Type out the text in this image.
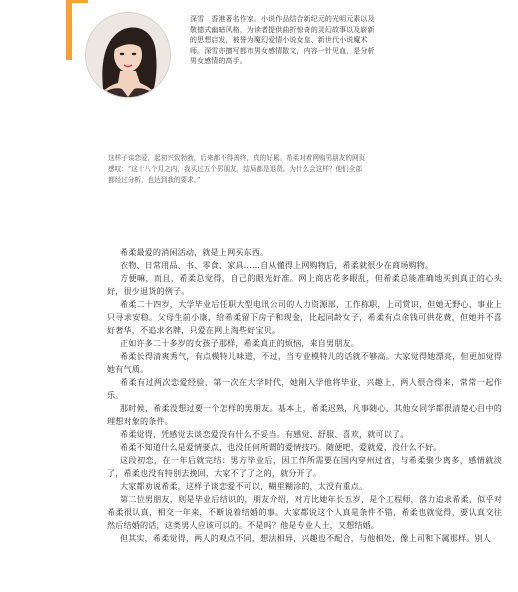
深雪　香港著名作家。小说作品结合新纪元的光明元素以及敬德式幽暗风格，为读者提供曲折惊奇的灵幻故事以及崭新的思想启发，被誉为魔幻爱情小说女皇、新世代小说魔术师。深雪亦擅写都市男女感情散文，内容一针见血，是分析男女感情的高手。
这样子谈恋爱，起初兴致勃勃，后来都不得善终，真的好累。希柔对着网购男朋友的网页感叹：“这十八个月之内，我买过五个男朋友，结局都是退货。为什么会这样？他们全部都经过分析，也达到我的要求。”

希柔最爱的消闲活动，就是上网买东西。

衣物、日常用品、书、零食、家具……自从懂得上网购物后，希柔就很少在商场购物。

方便嘛，而且，希柔总觉得，自己的眼光好准。网上商店花多眼乱，但希柔总能准确地买到真正的心头好，很少退货的例子。

希柔二十四岁，大学毕业后任职大型电讯公司的人力资源部，工作称职，上司赏识，但她无野心，事业上只寻求安稳。父母生前小康，给希柔留下房子和现金，比起同龄女子，希柔有点余钱可供花费，但她并不喜好奢华，不追求名牌，只爱在网上淘些好宝贝。

正如许多二十多岁的女孩子那样，希柔真正的烦恼，来自男朋友。

希柔长得清爽秀气，有点模特儿味道，不过，当专业模特儿的话就不够高。大家觉得她漂亮，但更加觉得她有气质。

希柔有过两次恋爱经验，第一次在大学时代，她刚入学他将毕业，兴趣上，两人很合得来，常常一起作乐。

那时候，希柔没想过要一个怎样的男朋友。基本上，希柔迟熟，凡事随心，其他女同学都很清楚心目中的理想对象的条件。

希柔觉得，凭感觉去谈恋爱没有什么不妥当。有感觉、舒服、喜欢，就可以了。

希柔不知道什么是爱情要点，也没任何所谓的爱情技巧。随便吧，爱就爱，没什么不好。

这段初恋，在一年后就完结：男方毕业后，因工作所需要在国内穿州过省，与希柔聚少离多，感情就淡了，希柔也没有特别去挽回，大家不了了之的，就分开了。

大家都劝说希柔，这样子谈恋爱不可以，糊里糊涂的，太没有重点。

第二位男朋友，则是毕业后结识的，朋友介绍，对方比她年长五岁，是个工程师，落力追求希柔，似乎对希柔很认真，相交一年来，不断说着结婚的事。大家都说这个人真是条件不错，希柔也就觉得，要认真交往然后结婚的话，这类男人应该可以的。不是吗？他是专业人士，又想结婚。

但其实，希柔觉得，两人的观点不同，想法相异，兴趣也不配合，与他相处，像上司和下属那样。别人
